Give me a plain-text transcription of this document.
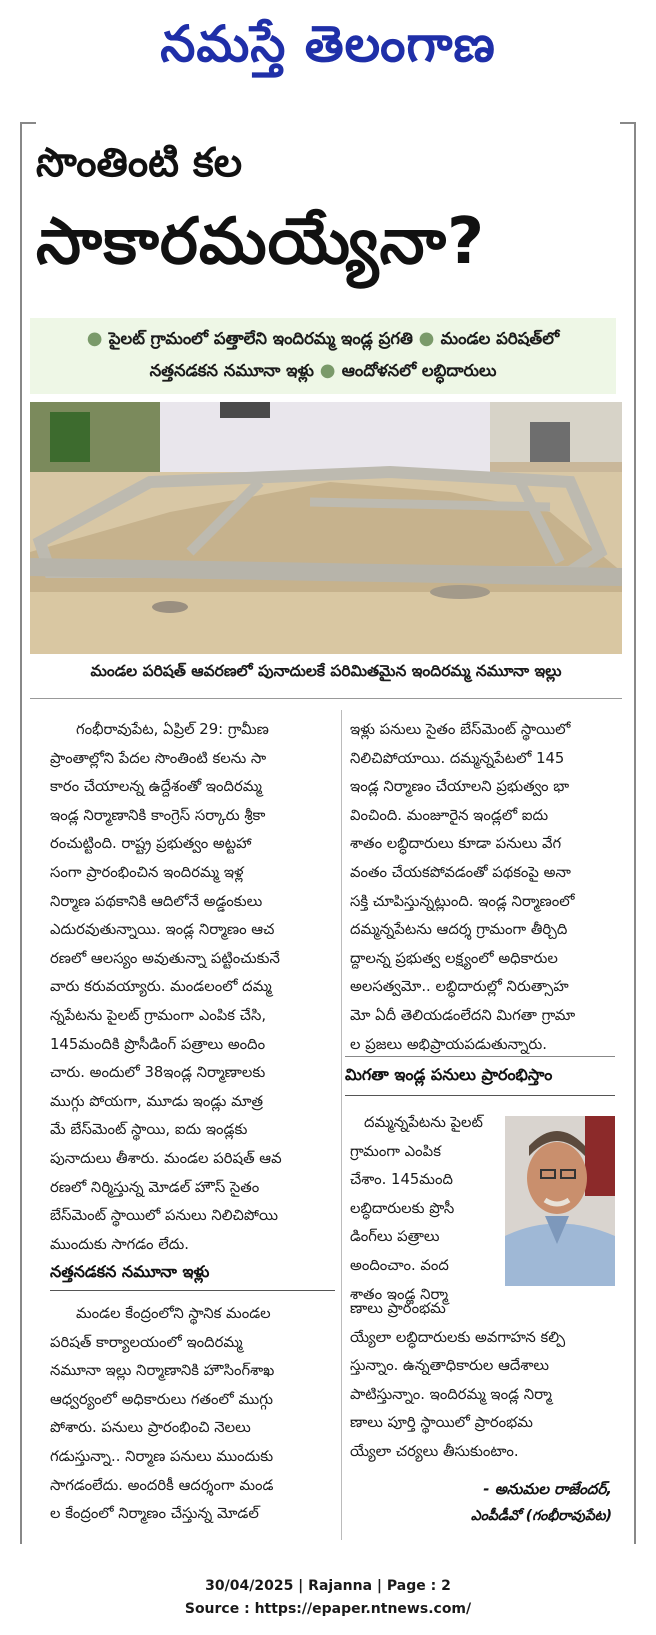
నమస్తే తెలంగాణ
సొంతింటి కల
సాకారమయ్యేనా?
● పైలట్ గ్రామంలో పత్తాలేని ఇందిరమ్మ ఇండ్ల ప్రగతి ● మండల పరిషత్‌లో
నత్తనడకన నమూనా ఇళ్లు ● ఆందోళనలో లబ్ధిదారులు
మండల పరిషత్ ఆవరణలో పునాదులకే పరిమితమైన ఇందిరమ్మ నమూనా ఇల్లు
గంభీరావుపేట, ఏప్రిల్ 29: గ్రామీణ
ప్రాంతాల్లోని పేదల సొంతింటి కలను సా
కారం చేయాలన్న ఉద్దేశంతో ఇందిరమ్మ
ఇండ్ల నిర్మాణానికి కాంగ్రెస్ సర్కారు శ్రీకా
రంచుట్టింది. రాష్ట్ర ప్రభుత్వం అట్టహా
సంగా ప్రారంభించిన ఇందిరమ్మ ఇళ్ల
నిర్మాణ పథకానికి ఆదిలోనే అడ్డంకులు
ఎదురవుతున్నాయి. ఇండ్ల నిర్మాణం ఆచ
రణలో ఆలస్యం అవుతున్నా పట్టించుకునే
వారు కరువయ్యారు. మండలంలో దమ్మ
న్నపేటను పైలట్ గ్రామంగా ఎంపిక చేసి,
145మందికి ప్రొసీడింగ్ పత్రాలు అందిం
చారు. అందులో 38ఇండ్ల నిర్మాణాలకు
ముగ్గు పోయగా, మూడు ఇండ్లు మాత్ర
మే బేస్‌మెంట్ స్థాయి, ఐదు ఇండ్లకు
పునాదులు తీశారు. మండల పరిషత్ ఆవ
రణలో నిర్మిస్తున్న మోడల్ హౌస్ సైతం
బేస్‌మెంట్ స్థాయిలో పనులు నిలిచిపోయి
ముందుకు సాగడం లేదు.
నత్తనడకన నమూనా ఇళ్లు
మండల కేంద్రంలోని స్థానిక మండల
పరిషత్ కార్యాలయంలో ఇందిరమ్మ
నమూనా ఇల్లు నిర్మాణానికి హౌసింగ్‌శాఖ
ఆధ్వర్యంలో అధికారులు గతంలో ముగ్గు
పోశారు. పనులు ప్రారంభించి నెలలు
గడుస్తున్నా.. నిర్మాణ పనులు ముందుకు
సాగడంలేదు. అందరికీ ఆదర్శంగా మండ
ల కేంద్రంలో నిర్మాణం చేస్తున్న మోడల్
ఇళ్లు పనులు సైతం బేస్‌మెంట్ స్థాయిలో
నిలిచిపోయాయి. దమ్మన్నపేటలో 145
ఇండ్ల నిర్మాణం చేయాలని ప్రభుత్వం భా
వించింది. మంజూరైన ఇండ్లలో ఐదు
శాతం లబ్ధిదారులు కూడా పనులు వేగ
వంతం చేయకపోవడంతో పథకంపై అనా
సక్తి చూపిస్తున్నట్లుంది. ఇండ్ల నిర్మాణంలో
దమ్మన్నపేటను ఆదర్శ గ్రామంగా తీర్చిది
ద్దాలన్న ప్రభుత్వ లక్ష్యంలో అధికారుల
అలసత్వమో.. లబ్ధిదారుల్లో నిరుత్సాహ
మో ఏదీ తెలియడంలేదని మిగతా గ్రామా
ల ప్రజలు అభిప్రాయపడుతున్నారు.
మిగతా ఇండ్ల పనులు ప్రారంభిస్తాం
దమ్మన్నపేటను పైలట్
గ్రామంగా ఎంపిక
చేశాం. 145మంది
లబ్ధిదారులకు ప్రొసీ
డింగ్‌లు పత్రాలు
అందించాం. వంద
శాతం ఇండ్ల నిర్మా
ణాలు ప్రారంభమ
య్యేలా లబ్ధిదారులకు అవగాహన కల్పి
స్తున్నాం. ఉన్నతాధికారుల ఆదేశాలు
పాటిస్తున్నాం. ఇందిరమ్మ ఇండ్ల నిర్మా
ణాలు పూర్తి స్థాయిలో ప్రారంభమ
య్యేలా చర్యలు తీసుకుంటాం.
- అనుమల రాజేందర్,
ఎంపీడీవో (గంభీరావుపేట)
30/04/2025 | Rajanna | Page : 2
Source : https://epaper.ntnews.com/
